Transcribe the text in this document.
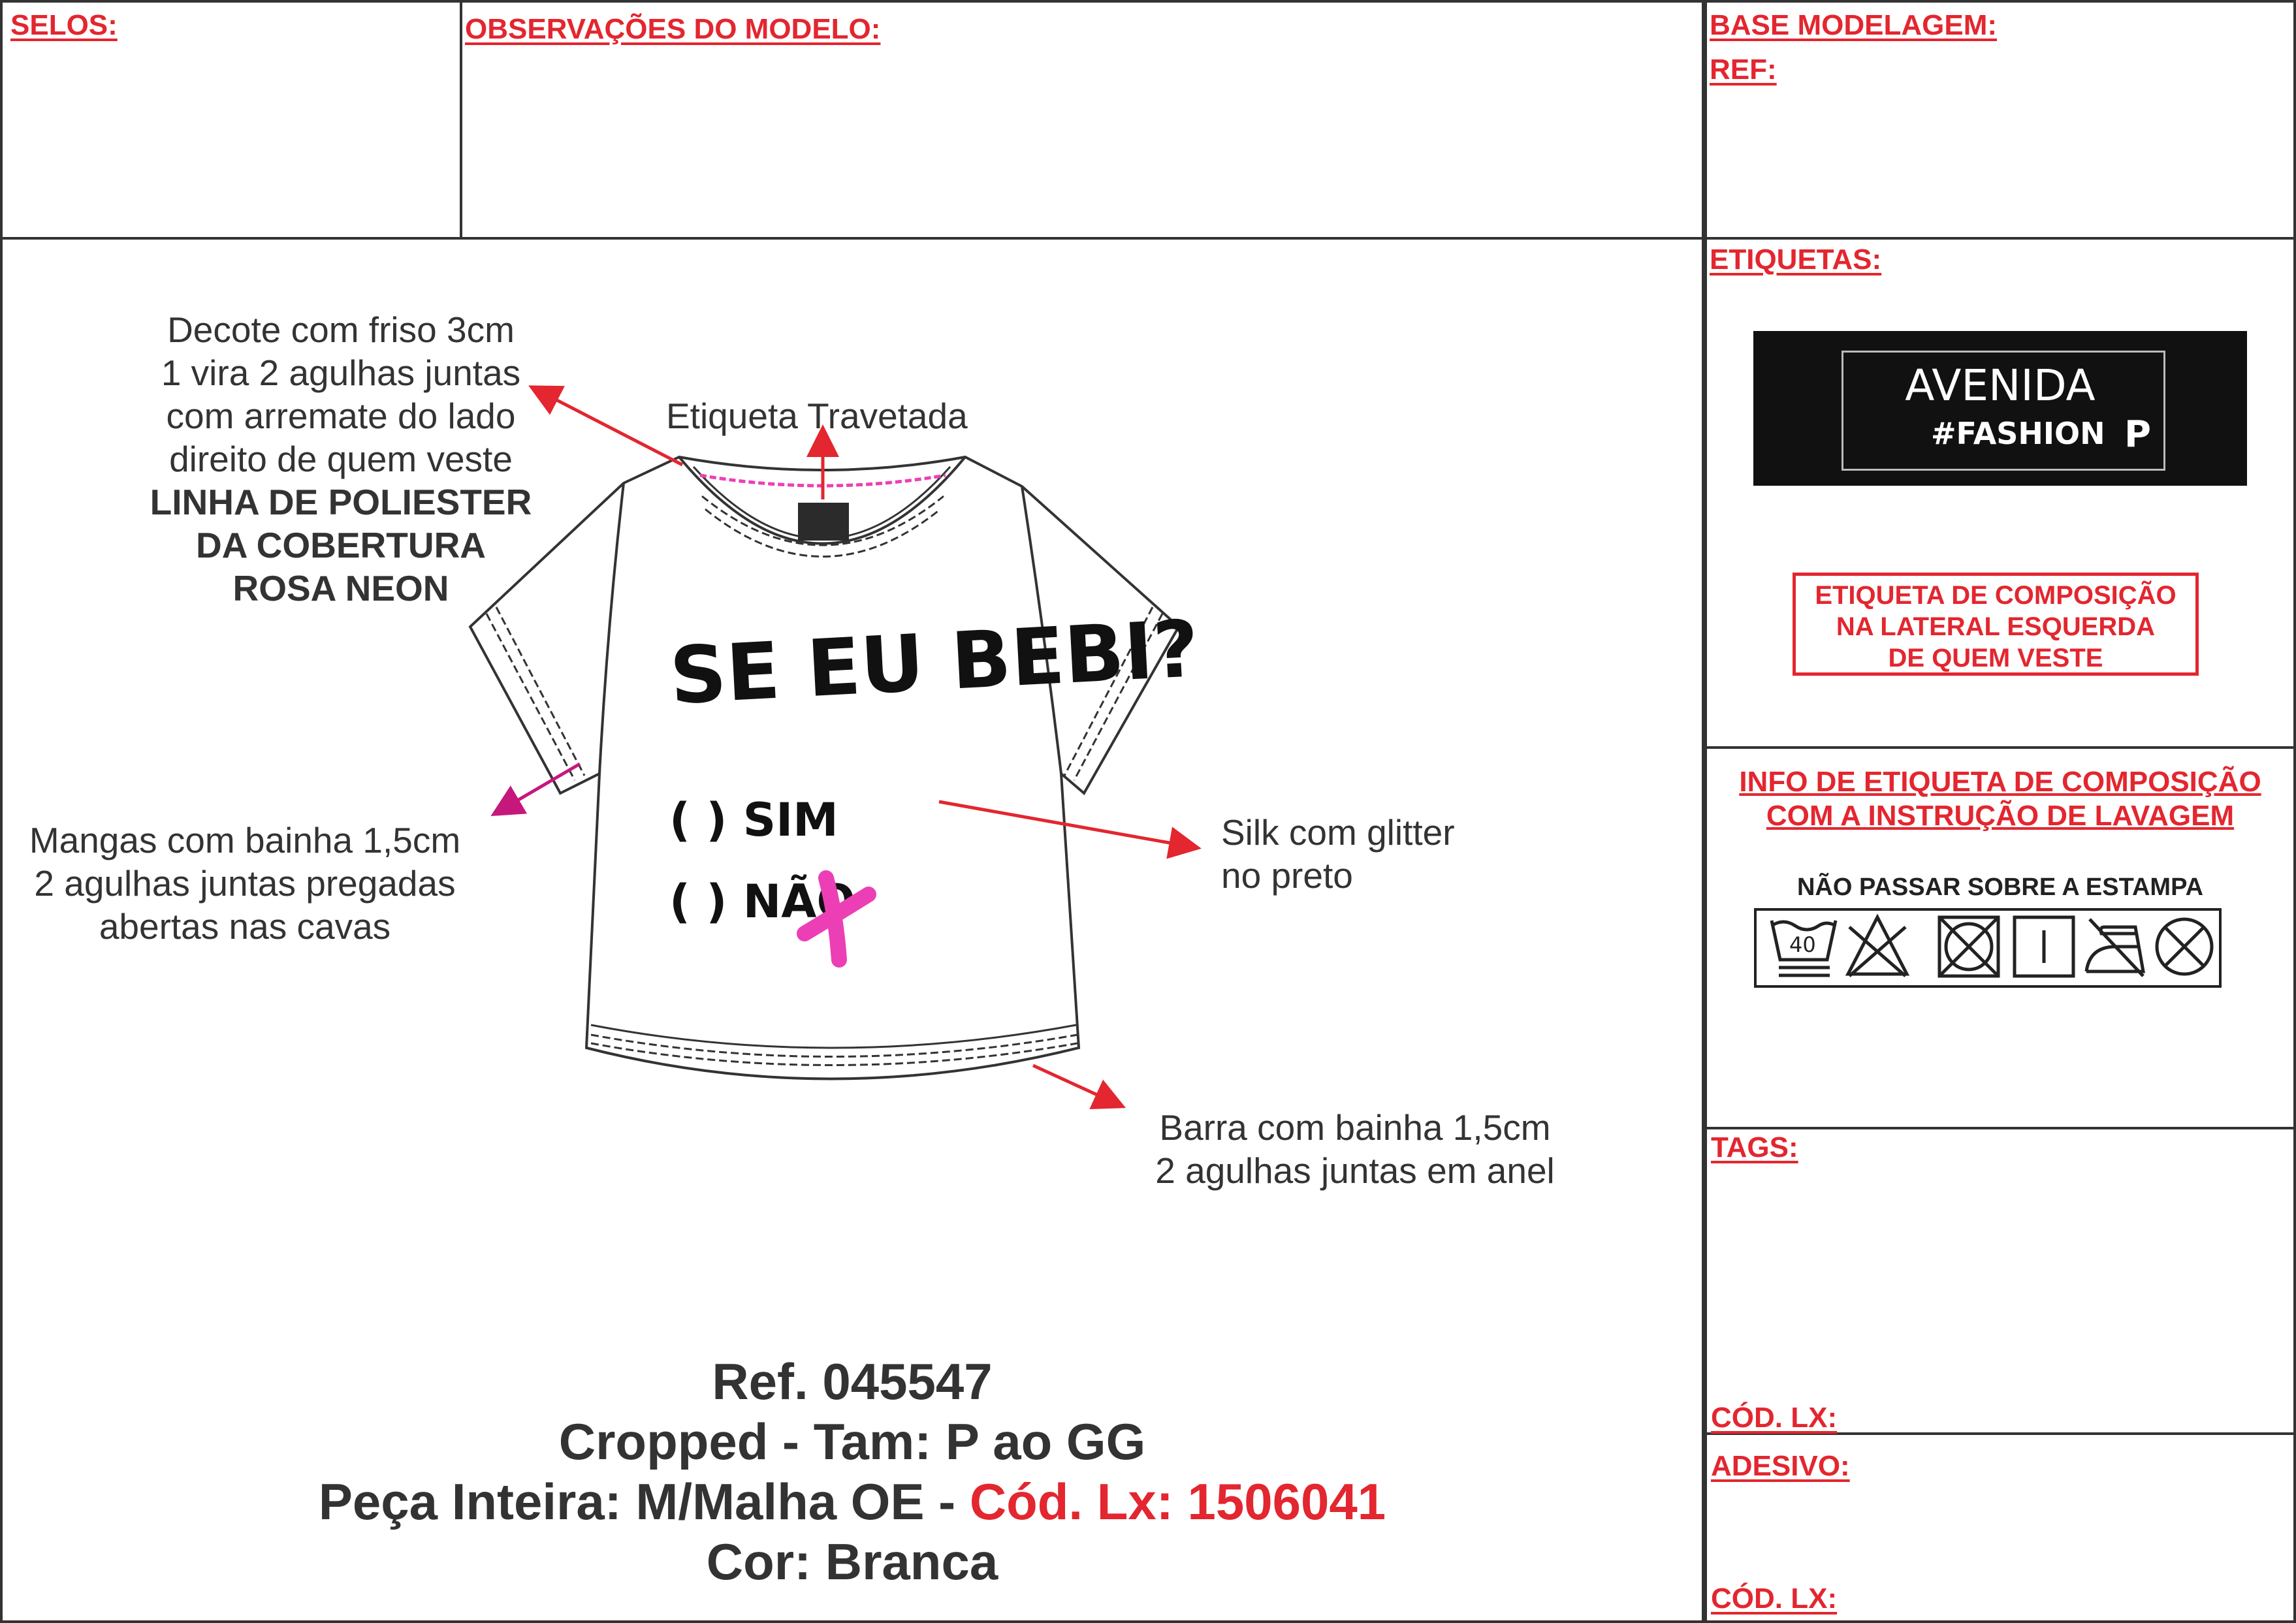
SELOS:	OBSERVAÇÕES DO MODELO:	BASE MODELAGEM:
REF:
ETIQUETAS:
TAGS:
CÓD. LX:
ADESIVO:
CÓD. LX:
SE EU BEBI?
( ) SIM
( ) NÃO
40
Decote com friso 3cm
1 vira 2 agulhas juntas
com arremate do lado
direito de quem veste
LINHA DE POLIESTER
DA COBERTURA
ROSA NEON
Etiqueta Travetada
Mangas com bainha 1,5cm
2 agulhas juntas pregadas
abertas nas cavas
Silk com glitter
no preto
Barra com bainha 1,5cm
2 agulhas juntas em anel
AVENIDA
#FASHION P
ETIQUETA DE COMPOSIÇÃO
NA LATERAL ESQUERDA
DE QUEM VESTE
INFO DE ETIQUETA DE COMPOSIÇÃO
COM A INSTRUÇÃO DE LAVAGEM
NÃO PASSAR SOBRE A ESTAMPA
Ref. 045547
Cropped - Tam: P ao GG
Peça Inteira: M/Malha OE - Cód. Lx: 1506041
Cor: Branca
